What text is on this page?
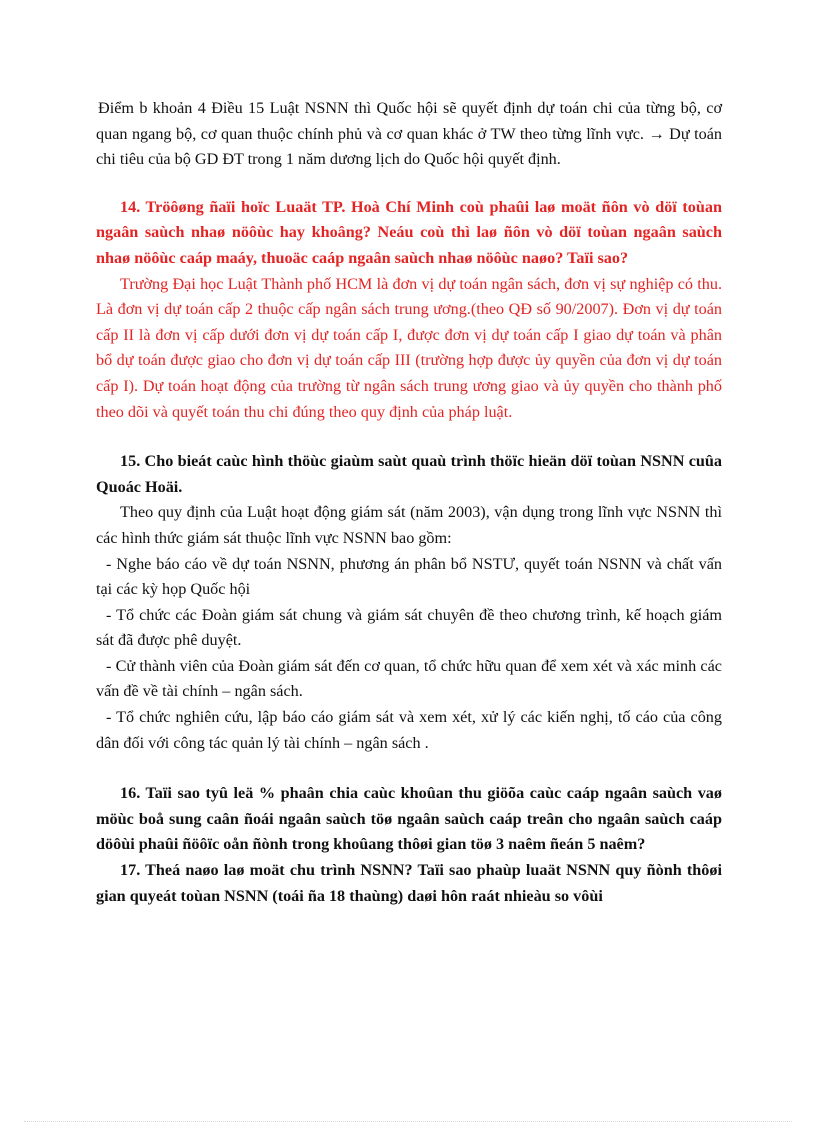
Điểm b khoản 4 Điều 15 Luật NSNN thì Quốc hội sẽ quyết định dự toán chi của từng bộ, cơ quan ngang bộ, cơ quan thuộc chính phủ và cơ quan khác ở TW theo từng lĩnh vực. → Dự toán chi tiêu của bộ GD ĐT trong 1 năm dương lịch do Quốc hội quyết định.

14. Tröôøng ñaïi hoïc Luaät TP. Hoà Chí Minh coù phaûi laø moät ñôn vò döï toùan ngaân saùch nhaø nöôùc hay khoâng? Neáu coù thì laø ñôn vò döï toùan ngaân saùch nhaø nöôùc caáp maáy, thuoäc caáp ngaân saùch nhaø nöôùc naøo? Taïi sao?

Trường Đại học Luật Thành phố HCM là đơn vị dự toán ngân sách, đơn vị sự nghiệp có thu. Là đơn vị dự toán cấp 2 thuộc cấp ngân sách trung ương.(theo QĐ số 90/2007). Đơn vị dự toán cấp II là đơn vị cấp dưới đơn vị dự toán cấp I, được đơn vị dự toán cấp I giao dự toán và phân bổ dự toán được giao cho đơn vị dự toán cấp III (trường hợp được ủy quyền của đơn vị dự toán cấp I). Dự toán hoạt động của trường từ ngân sách trung ương giao và ủy quyền cho thành phố theo dõi và quyết toán thu chi đúng theo quy định của pháp luật.

15. Cho bieát caùc hình thöùc giaùm saùt quaù trình thöïc hieän döï toùan NSNN cuûa Quoác Hoäi.

Theo quy định của Luật hoạt động giám sát (năm 2003), vận dụng trong lĩnh vực NSNN thì các hình thức giám sát thuộc lĩnh vực NSNN bao gồm:

- Nghe báo cáo về dự toán NSNN, phương án phân bổ NSTƯ, quyết toán NSNN và chất vấn tại các kỳ họp Quốc hội

- Tổ chức các Đoàn giám sát chung và giám sát chuyên đề theo chương trình, kế hoạch giám sát đã được phê duyệt.

- Cử thành viên của Đoàn giám sát đến cơ quan, tổ chức hữu quan để xem xét và xác minh các vấn đề về tài chính – ngân sách.

- Tổ chức nghiên cứu, lập báo cáo giám sát và xem xét, xử lý các kiến nghị, tố cáo của công dân đối với công tác quản lý tài chính – ngân sách .

16. Taïi sao tyû leä % phaân chia caùc khoûan thu giöõa caùc caáp ngaân saùch vaø möùc boå sung caân ñoái ngaân saùch töø ngaân saùch caáp treân cho ngaân saùch caáp döôùi phaûi ñöôïc oån ñònh trong khoûang thôøi gian töø 3 naêm ñeán 5 naêm?

17. Theá naøo laø moät chu trình NSNN? Taïi sao phaùp luaät NSNN quy ñònh thôøi gian quyeát toùan NSNN (toái ña 18 thaùng) daøi hôn raát nhieàu so vôùi
